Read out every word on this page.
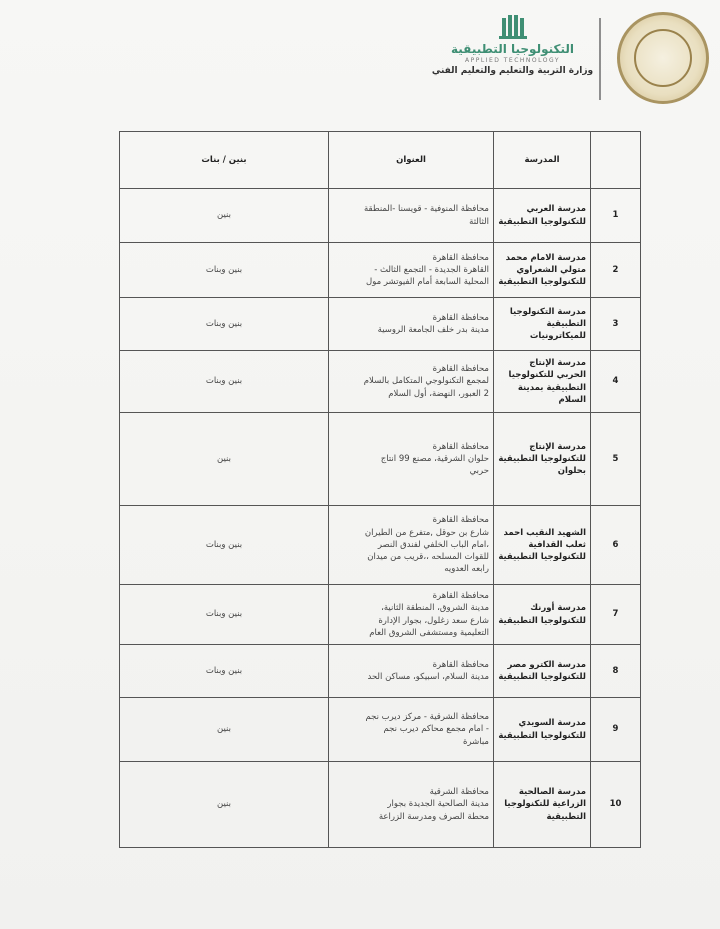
التكنولوجيا التطبيقية
APPLIED TECHNOLOGY
وزارة التربية والتعليم والتعليم الفني
	المدرسة	العنوان	بنين / بنات
1	مدرسة العربي للتكنولوجيا التطبيقية	محافظة المنوفية - قويسنا -المنطقة
الثالثة	بنين
2	مدرسة الامام محمد متولي الشعراوي للتكنولوجيا التطبيقية	محافظة القاهرة
القاهرة الجديدة - التجمع الثالث -
المحلية السابعة أمام الفيوتشر مول	بنين وبنات
3	مدرسة التكنولوجيا التطبيقية للميكاترونيات	محافظة القاهرة
مدينة بدر خلف الجامعة الروسية	بنين وبنات
4	مدرسة الإنتاج الحربي للتكنولوجيا التطبيقية بمدينة السلام	محافظة القاهرة
لمجمع التكنولوجي المتكامل بالسلام
2 العبور، النهضة، أول السلام	بنين وبنات
5	مدرسة الإنتاج للتكنولوجيا التطبيقية بحلوان	محافظة القاهرة
حلوان الشرقية، مصنع 99 انتاج
حربي	بنين
6	الشهيد النقيب احمد ثعلب القدافية للتكنولوجيا التطبيقية	محافظة القاهرة
شارع بن حوقل ,متفرع من الطيران
،امام الباب الخلفي لفندق النصر
للقوات المسلحه ،،قريب من ميدان
رابعه العدويه	بنين وبنات
7	مدرسة أورنك للتكنولوجيا التطبيقية	محافظة القاهرة
مدينة الشروق، المنطقة الثانية،
شارع سعد زغلول، بجوار الإدارة
التعليمية ومستشفى الشروق العام	بنين وبنات
8	مدرسة الكترو مصر للتكنولوجيا التطبيقية	محافظة القاهرة
مدينة السلام، اسبيكو، مساكن الحد	بنين وبنات
9	مدرسة السويدي للتكنولوجيا التطبيقية	محافظة الشرقية - مركز ديرب نجم
- امام مجمع محاكم ديرب نجم
مباشرة	بنين
10	مدرسة الصالحية الزراعية للتكنولوجيا التطبيقية	محافظة الشرقية
مدينة الصالحية الجديدة بجوار
محطة الصرف ومدرسة الزراعة	بنين
